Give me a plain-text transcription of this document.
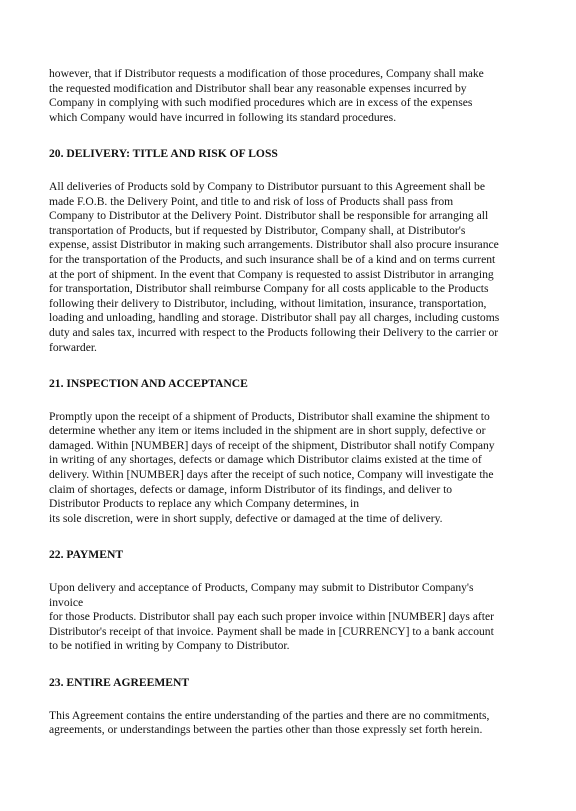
however, that if Distributor requests a modification of those procedures, Company shall make
the requested modification and Distributor shall bear any reasonable expenses incurred by
Company in complying with such modified procedures which are in excess of the expenses
which Company would have incurred in following its standard procedures.

20. DELIVERY: TITLE AND RISK OF LOSS

All deliveries of Products sold by Company to Distributor pursuant to this Agreement shall be
made F.O.B. the Delivery Point, and title to and risk of loss of Products shall pass from
Company to Distributor at the Delivery Point. Distributor shall be responsible for arranging all
transportation of Products, but if requested by Distributor, Company shall, at Distributor's
expense, assist Distributor in making such arrangements. Distributor shall also procure insurance
for the transportation of the Products, and such insurance shall be of a kind and on terms current
at the port of shipment. In the event that Company is requested to assist Distributor in arranging
for transportation, Distributor shall reimburse Company for all costs applicable to the Products
following their delivery to Distributor, including, without limitation, insurance, transportation,
loading and unloading, handling and storage. Distributor shall pay all charges, including customs
duty and sales tax, incurred with respect to the Products following their Delivery to the carrier or
forwarder.

21. INSPECTION AND ACCEPTANCE

Promptly upon the receipt of a shipment of Products, Distributor shall examine the shipment to
determine whether any item or items included in the shipment are in short supply, defective or
damaged. Within [NUMBER] days of receipt of the shipment, Distributor shall notify Company
in writing of any shortages, defects or damage which Distributor claims existed at the time of
delivery. Within [NUMBER] days after the receipt of such notice, Company will investigate the
claim of shortages, defects or damage, inform Distributor of its findings, and deliver to
Distributor Products to replace any which Company determines, in
its sole discretion, were in short supply, defective or damaged at the time of delivery.

22. PAYMENT

Upon delivery and acceptance of Products, Company may submit to Distributor Company's
invoice
for those Products. Distributor shall pay each such proper invoice within [NUMBER] days after
Distributor's receipt of that invoice. Payment shall be made in [CURRENCY] to a bank account
to be notified in writing by Company to Distributor.

23. ENTIRE AGREEMENT

This Agreement contains the entire understanding of the parties and there are no commitments,
agreements, or understandings between the parties other than those expressly set forth herein.
